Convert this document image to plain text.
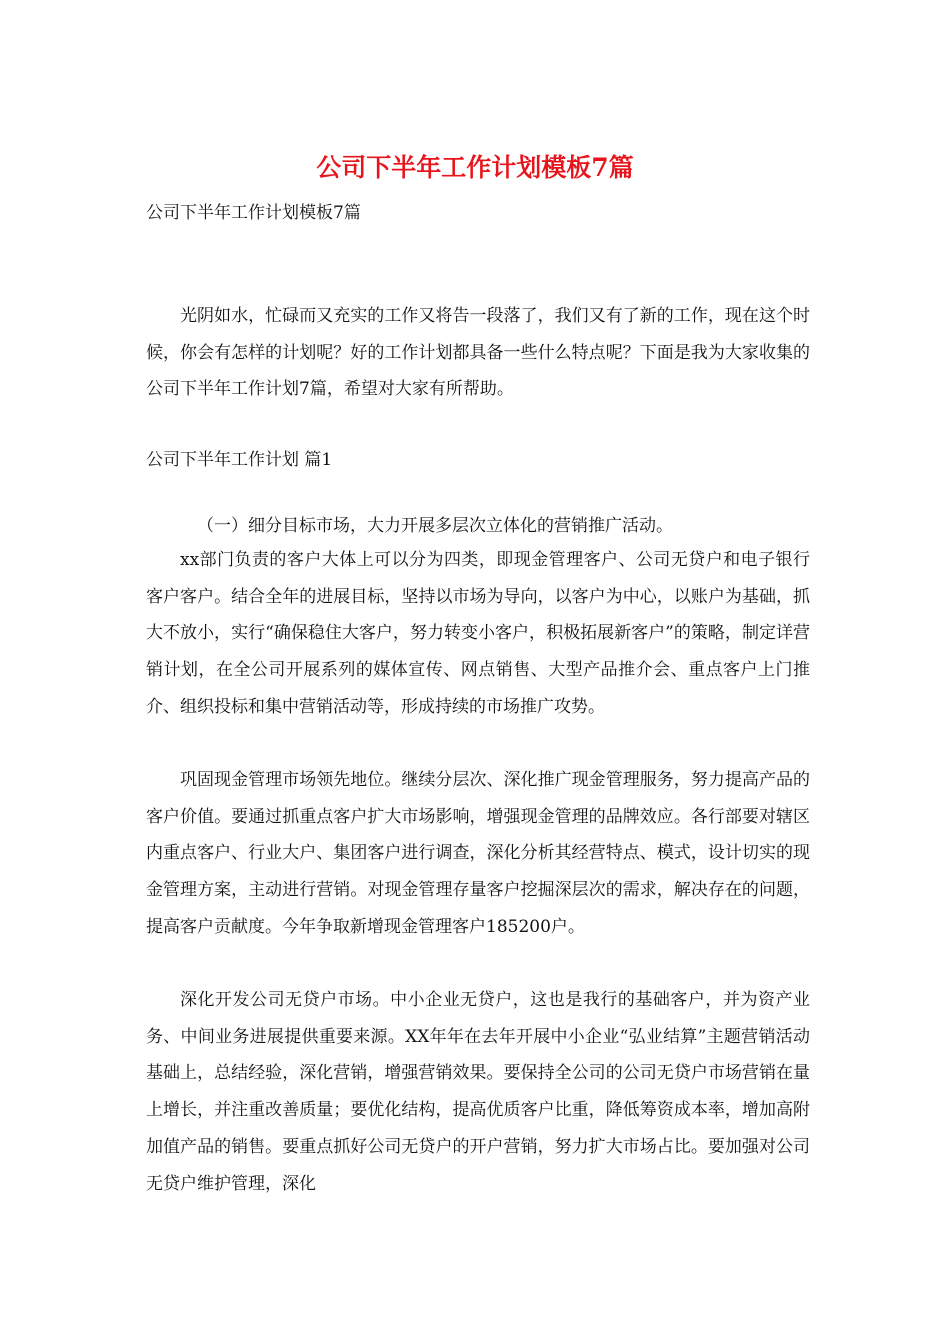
公司下半年工作计划模板7篇

公司下半年工作计划模板7篇

光阴如水，忙碌而又充实的工作又将告一段落了，我们又有了新的工作，现在这个时候，你会有怎样的计划呢？好的工作计划都具备一些什么特点呢？下面是我为大家收集的公司下半年工作计划7篇，希望对大家有所帮助。

公司下半年工作计划 篇1

（一）细分目标市场，大力开展多层次立体化的营销推广活动。

xx部门负责的客户大体上可以分为四类，即现金管理客户、公司无贷户和电子银行客户客户。结合全年的进展目标，坚持以市场为导向，以客户为中心，以账户为基础，抓大不放小，实行“确保稳住大客户，努力转变小客户，积极拓展新客户”的策略，制定详营销计划，在全公司开展系列的媒体宣传、网点销售、大型产品推介会、重点客户上门推介、组织投标和集中营销活动等，形成持续的市场推广攻势。

巩固现金管理市场领先地位。继续分层次、深化推广现金管理服务，努力提高产品的客户价值。要通过抓重点客户扩大市场影响，增强现金管理的品牌效应。各行部要对辖区内重点客户、行业大户、集团客户进行调查，深化分析其经营特点、模式，设计切实的现金管理方案，主动进行营销。对现金管理存量客户挖掘深层次的需求，解决存在的问题，提高客户贡献度。今年争取新增现金管理客户185200户。

深化开发公司无贷户市场。中小企业无贷户，这也是我行的基础客户，并为资产业务、中间业务进展提供重要来源。XX年年在去年开展中小企业“弘业结算”主题营销活动基础上，总结经验，深化营销，增强营销效果。要保持全公司的公司无贷户市场营销在量上增长，并注重改善质量；要优化结构，提高优质客户比重，降低筹资成本率，增加高附加值产品的销售。要重点抓好公司无贷户的开户营销，努力扩大市场占比。要加强对公司无贷户维护管理，深化
